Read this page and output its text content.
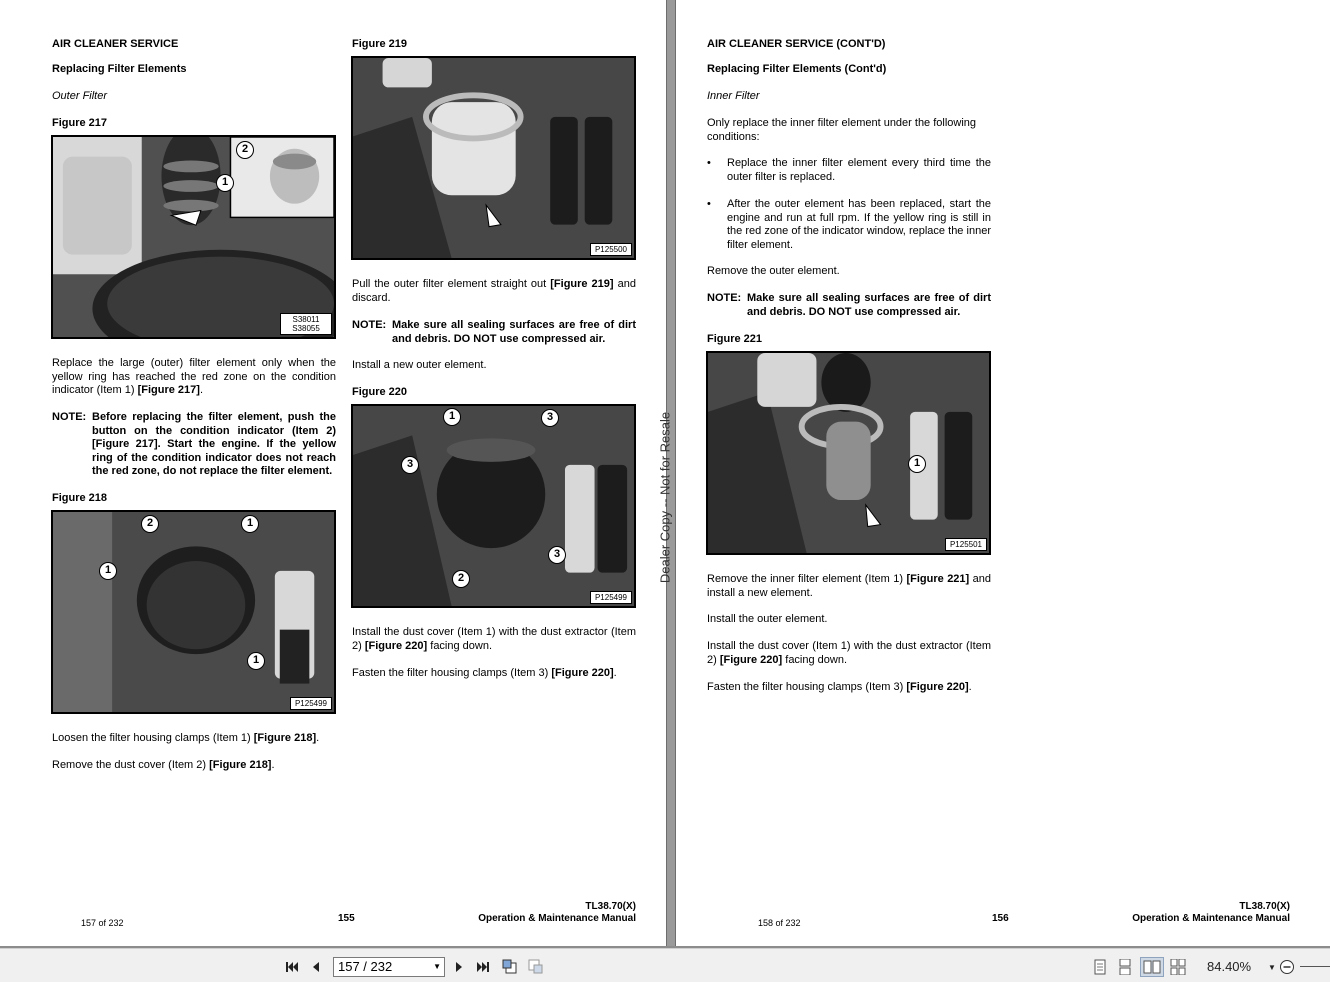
AIR CLEANER SERVICE
Replacing Filter Elements
Outer Filter
Figure 217
2
1
S38011
S38055
Replace the large (outer) filter element only when the yellow ring has reached the red zone on the condition indicator (Item 1) [Figure 217].
NOTE: Before replacing the filter element, push the button on the condition indicator (Item 2) [Figure 217]. Start the engine. If the yellow ring of the condition indicator does not reach the red zone, do not replace the filter element.
Figure 218
2	1
1
1
P125499
Loosen the filter housing clamps (Item 1) [Figure 218].
Remove the dust cover (Item 2) [Figure 218].
Figure 219
P125500
Pull the outer filter element straight out [Figure 219] and discard.
NOTE: Make sure all sealing surfaces are free of dirt and debris. DO NOT use compressed air.
Install a new outer element.
Figure 220
1	3
3
3
2
P125499
Install the dust cover (Item 1) with the dust extractor (Item 2) [Figure 220] facing down.
Fasten the filter housing clamps (Item 3) [Figure 220].
157 of 232	155
TL38.70(X)
Operation & Maintenance Manual
Dealer Copy -- Not for Resale
AIR CLEANER SERVICE (CONT'D)
Replacing Filter Elements (Cont'd)
Inner Filter
Only replace the inner filter element under the following conditions:
•	Replace the inner filter element every third time the outer filter is replaced.
•	After the outer element has been replaced, start the engine and run at full rpm. If the yellow ring is still in the red zone of the indicator window, replace the inner filter element.
Remove the outer element.
NOTE: Make sure all sealing surfaces are free of dirt and debris. DO NOT use compressed air.
Figure 221
1
P125501
Remove the inner filter element (Item 1) [Figure 221] and install a new element.
Install the outer element.
Install the dust cover (Item 1) with the dust extractor (Item 2) [Figure 220] facing down.
Fasten the filter housing clamps (Item 3) [Figure 220].
158 of 232	156
TL38.70(X)
Operation & Maintenance Manual
157 / 232	▼	84.40%	▼
